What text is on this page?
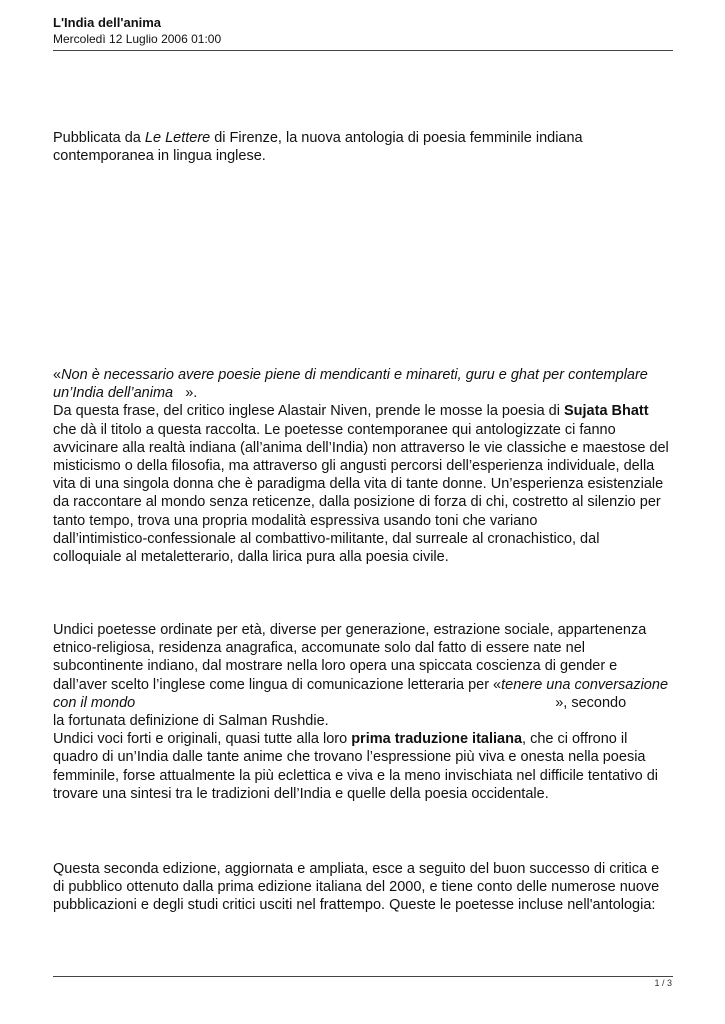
L'India dell'anima

Mercoledì 12 Luglio 2006 01:00

Pubblicata da Le Lettere di Firenze, la nuova antologia di poesia femminile indiana
contemporanea in lingua inglese.

«Non è necessario avere poesie piene di mendicanti e minareti, guru e ghat per contemplare
un’India dell’anima ».
Da questa frase, del critico inglese Alastair Niven, prende le mosse la poesia di Sujata Bhatt
che dà il titolo a questa raccolta. Le poetesse contemporanee qui antologizzate ci fanno
avvicinare alla realtà indiana (all’anima dell’India) non attraverso le vie classiche e maestose del
misticismo o della filosofia, ma attraverso gli angusti percorsi dell’esperienza individuale, della
vita di una singola donna che è paradigma della vita di tante donne. Un’esperienza esistenziale
da raccontare al mondo senza reticenze, dalla posizione di forza di chi, costretto al silenzio per
tanto tempo, trova una propria modalità espressiva usando toni che variano
dall’intimistico-confessionale al combattivo-militante, dal surreale al cronachistico, dal
colloquiale al metaletterario, dalla lirica pura alla poesia civile.

Undici poetesse ordinate per età, diverse per generazione, estrazione sociale, appartenenza
etnico-religiosa, residenza anagrafica, accomunate solo dal fatto di essere nate nel
subcontinente indiano, dal mostrare nella loro opera una spiccata coscienza di gender e
dall’aver scelto l’inglese come lingua di comunicazione letteraria per «tenere una conversazione
con il mondo	», secondo
la fortunata definizione di Salman Rushdie.
Undici voci forti e originali, quasi tutte alla loro prima traduzione italiana, che ci offrono il
quadro di un’India dalle tante anime che trovano l’espressione più viva e onesta nella poesia
femminile, forse attualmente la più eclettica e viva e la meno invischiata nel difficile tentativo di
trovare una sintesi tra le tradizioni dell’India e quelle della poesia occidentale.

Questa seconda edizione, aggiornata e ampliata, esce a seguito del buon successo di critica e
di pubblico ottenuto dalla prima edizione italiana del 2000, e tiene conto delle numerose nuove
pubblicazioni e degli studi critici usciti nel frattempo. Queste le poetesse incluse nell'antologia:

1 / 3
